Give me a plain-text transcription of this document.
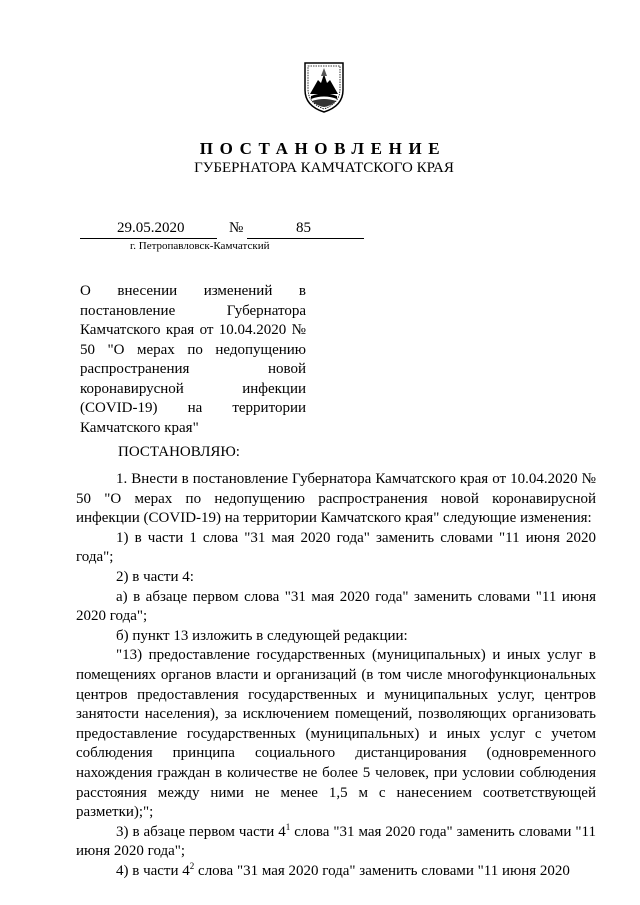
ПОСТАНОВЛЕНИЕ
ГУБЕРНАТОРА КАМЧАТСКОГО КРАЯ
29.05.2020	№	85
г. Петропавловск-Камчатский
О внесении изменений в постановление Губернатора Камчатского края от 10.04.2020 № 50 "О мерах по недопущению распространения новой коронавирусной инфекции (COVID-19) на территории Камчатского края"
ПОСТАНОВЛЯЮ:

1. Внести в постановление Губернатора Камчатского края от 10.04.2020 № 50 "О мерах по недопущению распространения новой коронавирусной инфекции (COVID-19) на территории Камчатского края" следующие изменения:

1) в части 1 слова "31 мая 2020 года" заменить словами "11 июня 2020 года";

2) в части 4:

а) в абзаце первом слова "31 мая 2020 года" заменить словами "11 июня 2020 года";

б) пункт 13 изложить в следующей редакции:

"13) предоставление государственных (муниципальных) и иных услуг в помещениях органов власти и организаций (в том числе многофункциональных центров предоставления государственных и муниципальных услуг, центров занятости населения), за исключением помещений, позволяющих организовать предоставление государственных (муниципальных) и иных услуг с учетом соблюдения принципа социального дистанцирования (одновременного нахождения граждан в количестве не более 5 человек, при условии соблюдения расстояния между ними не менее 1,5 м с нанесением соответствующей разметки);";

3) в абзаце первом части $4^1$ слова "31 мая 2020 года" заменить словами "11 июня 2020 года";

4) в части $4^2$ слова "31 мая 2020 года" заменить словами "11 июня 2020
